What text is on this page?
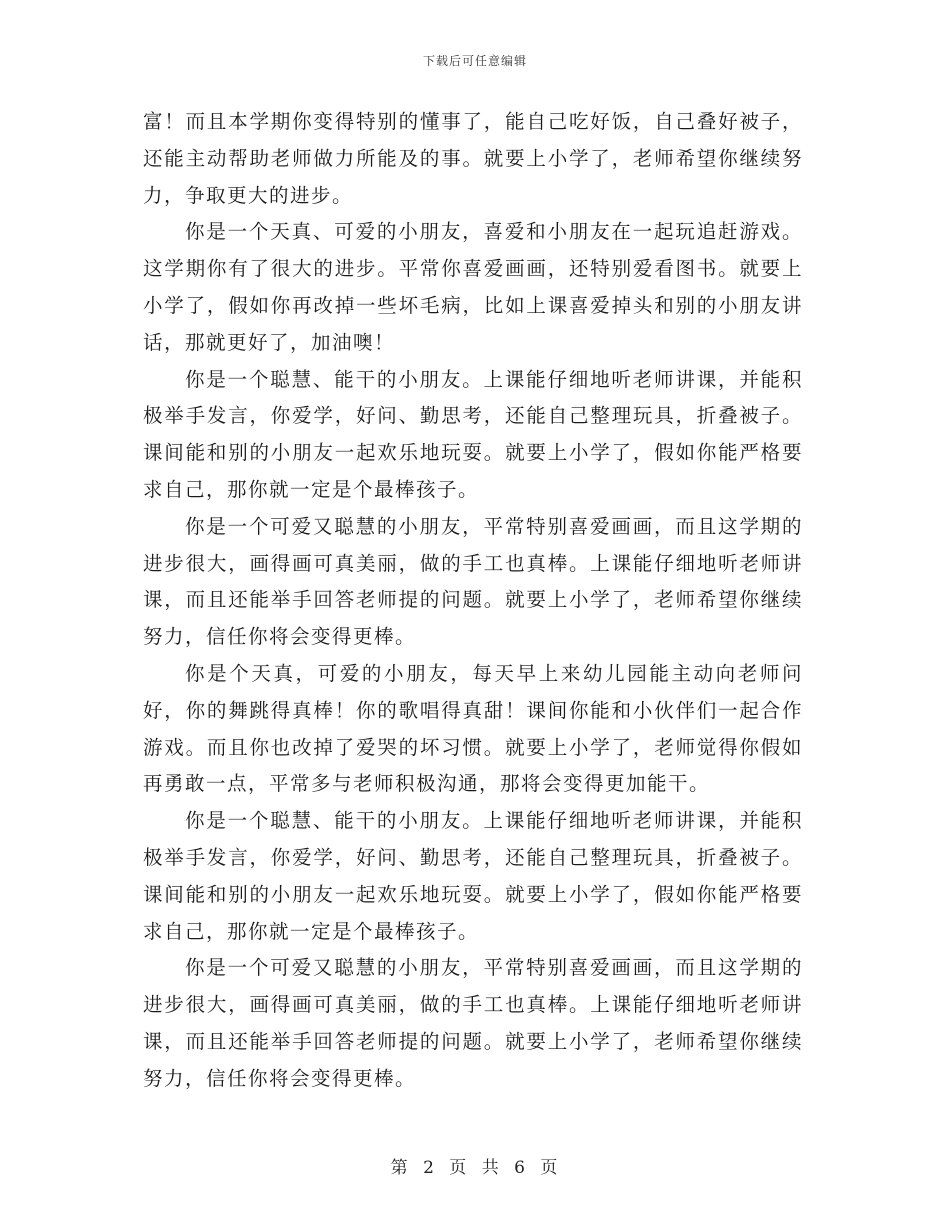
下载后可任意编辑

富！而且本学期你变得特别的懂事了，能自己吃好饭，自己叠好被子，还能主动帮助老师做力所能及的事。就要上小学了，老师希望你继续努力，争取更大的进步。

你是一个天真、可爱的小朋友，喜爱和小朋友在一起玩追赶游戏。这学期你有了很大的进步。平常你喜爱画画，还特别爱看图书。就要上小学了，假如你再改掉一些坏毛病，比如上课喜爱掉头和别的小朋友讲话，那就更好了，加油噢！

你是一个聪慧、能干的小朋友。上课能仔细地听老师讲课，并能积极举手发言，你爱学，好问、勤思考，还能自己整理玩具，折叠被子。课间能和别的小朋友一起欢乐地玩耍。就要上小学了，假如你能严格要求自己，那你就一定是个最棒孩子。

你是一个可爱又聪慧的小朋友，平常特别喜爱画画，而且这学期的进步很大，画得画可真美丽，做的手工也真棒。上课能仔细地听老师讲课，而且还能举手回答老师提的问题。就要上小学了，老师希望你继续努力，信任你将会变得更棒。

你是个天真，可爱的小朋友，每天早上来幼儿园能主动向老师问好，你的舞跳得真棒！你的歌唱得真甜！课间你能和小伙伴们一起合作游戏。而且你也改掉了爱哭的坏习惯。就要上小学了，老师觉得你假如再勇敢一点，平常多与老师积极沟通，那将会变得更加能干。

你是一个聪慧、能干的小朋友。上课能仔细地听老师讲课，并能积极举手发言，你爱学，好问、勤思考，还能自己整理玩具，折叠被子。课间能和别的小朋友一起欢乐地玩耍。就要上小学了，假如你能严格要求自己，那你就一定是个最棒孩子。

你是一个可爱又聪慧的小朋友，平常特别喜爱画画，而且这学期的进步很大，画得画可真美丽，做的手工也真棒。上课能仔细地听老师讲课，而且还能举手回答老师提的问题。就要上小学了，老师希望你继续努力，信任你将会变得更棒。

第 2 页 共 6 页
